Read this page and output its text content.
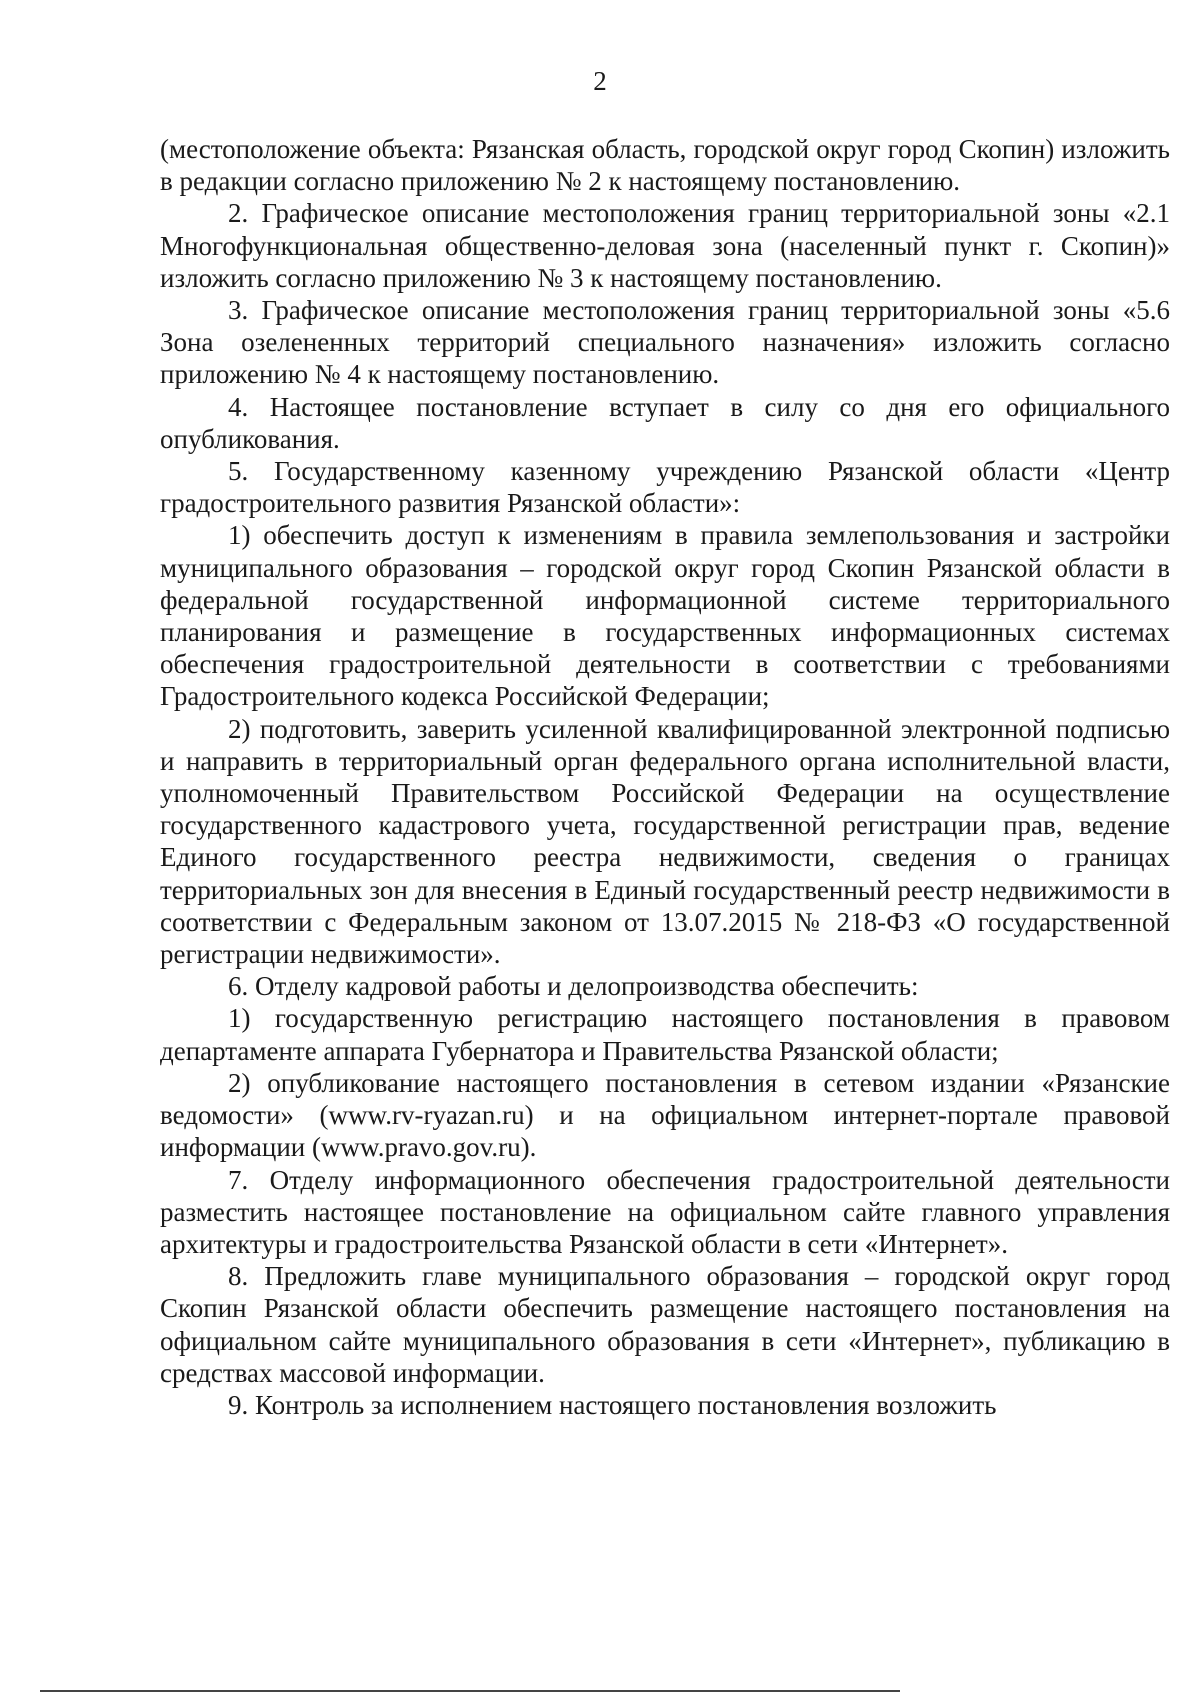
2

(местоположение объекта: Рязанская область, городской округ город Скопин) изложить в редакции согласно приложению № 2 к настоящему постановлению.

2. Графическое описание местоположения границ территориальной зоны «2.1 Многофункциональная общественно-деловая зона (населенный пункт г. Скопин)» изложить согласно приложению № 3 к настоящему постановлению.

3. Графическое описание местоположения границ территориальной зоны «5.6 Зона озелененных территорий специального назначения» изложить согласно приложению № 4 к настоящему постановлению.

4. Настоящее постановление вступает в силу со дня его официального опубликования.

5. Государственному казенному учреждению Рязанской области «Центр градостроительного развития Рязанской области»:

1) обеспечить доступ к изменениям в правила землепользования и застройки муниципального образования – городской округ город Скопин Рязанской области в федеральной государственной информационной системе территориального планирования и размещение в государственных информационных системах обеспечения градостроительной деятельности в соответствии с требованиями Градостроительного кодекса Российской Федерации;

2) подготовить, заверить усиленной квалифицированной электронной подписью и направить в территориальный орган федерального органа исполнительной власти, уполномоченный Правительством Российской Федерации на осуществление государственного кадастрового учета, государственной регистрации прав, ведение Единого государственного реестра недвижимости, сведения о границах территориальных зон для внесения в Единый государственный реестр недвижимости в соответствии с Федеральным законом от 13.07.2015 № 218-ФЗ «О государственной регистрации недвижимости».

6. Отделу кадровой работы и делопроизводства обеспечить:

1) государственную регистрацию настоящего постановления в правовом департаменте аппарата Губернатора и Правительства Рязанской области;

2) опубликование настоящего постановления в сетевом издании «Рязанские ведомости» (www.rv-ryazan.ru) и на официальном интернет-портале правовой информации (www.pravo.gov.ru).

7. Отделу информационного обеспечения градостроительной деятельности разместить настоящее постановление на официальном сайте главного управления архитектуры и градостроительства Рязанской области в сети «Интернет».

8. Предложить главе муниципального образования – городской округ город Скопин Рязанской области обеспечить размещение настоящего постановления на официальном сайте муниципального образования в сети «Интернет», публикацию в средствах массовой информации.

9. Контроль за исполнением настоящего постановления возложить
